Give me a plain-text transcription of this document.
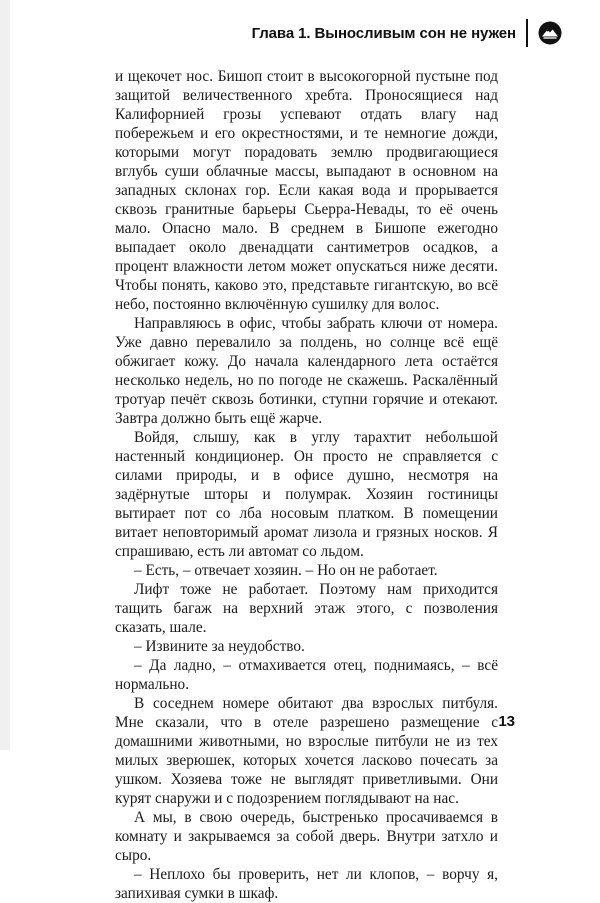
Глава 1. Выносливым сон не нужен

и щекочет нос. Бишоп стоит в высокогорной пустыне под защитой величественного хребта. Проносящиеся над Калифорнией грозы успевают отдать влагу над побережьем и его окрестностями, и те немногие дожди, которыми могут порадовать землю продвигающиеся вглубь суши облачные массы, выпадают в основном на западных склонах гор. Если какая вода и прорывается сквозь гранитные барьеры Сьерра-Невады, то её очень мало. Опасно мало. В среднем в Бишопе ежегодно выпадает около двенадцати сантиметров осадков, а процент влажности летом может опускаться ниже десяти. Чтобы понять, каково это, представьте гигантскую, во всё небо, постоянно включённую сушилку для волос.

Направляюсь в офис, чтобы забрать ключи от номера. Уже давно перевалило за полдень, но солнце всё ещё обжигает кожу. До начала календарного лета остаётся несколько недель, но по погоде не скажешь. Раскалённый тротуар печёт сквозь ботинки, ступни горячие и отекают. Завтра должно быть ещё жарче.

Войдя, слышу, как в углу тарахтит небольшой настенный кондиционер. Он просто не справляется с силами природы, и в офисе душно, несмотря на задёрнутые шторы и полумрак. Хозяин гостиницы вытирает пот со лба носовым платком. В помещении витает неповторимый аромат лизола и грязных носков. Я спрашиваю, есть ли автомат со льдом.

– Есть, – отвечает хозяин. – Но он не работает.

Лифт тоже не работает. Поэтому нам приходится тащить багаж на верхний этаж этого, с позволения сказать, шале.

– Извините за неудобство.

– Да ладно, – отмахивается отец, поднимаясь, – всё нормально.

В соседнем номере обитают два взрослых питбуля. Мне сказали, что в отеле разрешено размещение с домашними животными, но взрослые питбули не из тех милых зверюшек, которых хочется ласково почесать за ушком. Хозяева тоже не выглядят приветливыми. Они курят снаружи и с подозрением поглядывают на нас.

А мы, в свою очередь, быстренько просачиваемся в комнату и закрываемся за собой дверь. Внутри затхло и сыро.

– Неплохо бы проверить, нет ли клопов, – ворчу я, запихивая сумки в шкаф.

13
